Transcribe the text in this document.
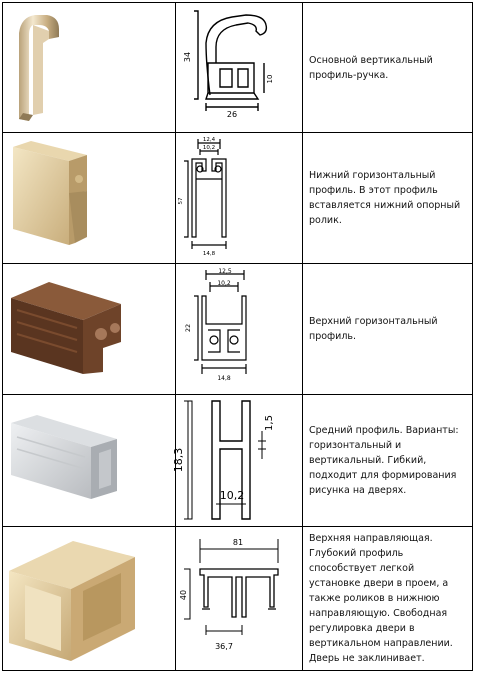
34
26
10	Основной вертикальный профиль-ручка.

12,4
10,2
57
14,8	Нижний горизонтальный профиль. В этот профиль вставляется нижний опорный ролик.

12,5
10,2
22
14,8	Верхний горизонтальный профиль.

18,3
1,5
10,2	Средний профиль. Варианты: горизонтальный и вертикальный. Гибкий, подходит для формирования рисунка на дверях.

81
40
36,7	Верхняя направляющая. Глубокий профиль способствует легкой установке двери в проем, а также роликов в нижнюю направляющую. Свободная регулировка двери в вертикальном направлении. Дверь не заклинивает.
